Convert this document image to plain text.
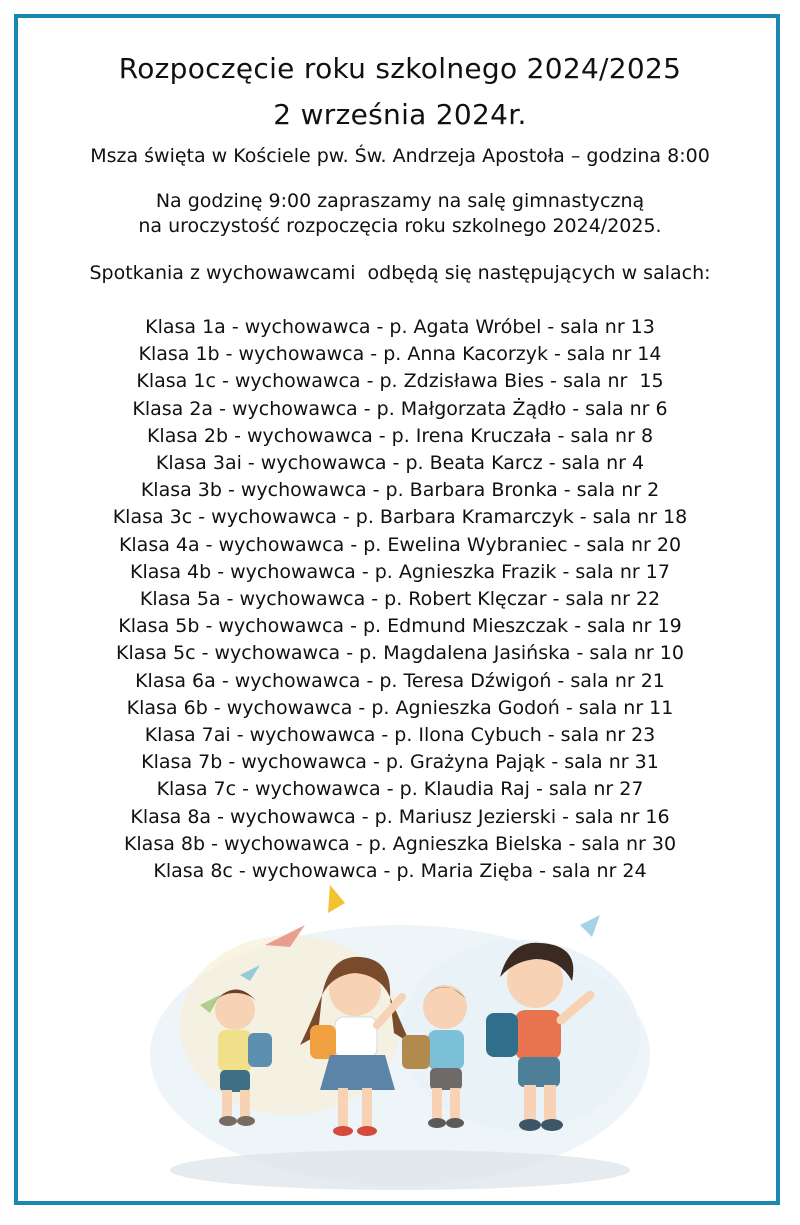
Rozpoczęcie roku szkolnego 2024/2025
2 września 2024r.
Msza święta w Kościele pw. Św. Andrzeja Apostoła – godzina 8:00
Na godzinę 9:00 zapraszamy na salę gimnastyczną
na uroczystość rozpoczęcia roku szkolnego 2024/2025.
Spotkania z wychowawcami  odbędą się następujących w salach:
Klasa 1a - wychowawca - p. Agata Wróbel - sala nr 13
Klasa 1b - wychowawca - p. Anna Kacorzyk - sala nr 14
Klasa 1c - wychowawca - p. Zdzisława Bies - sala nr  15
Klasa 2a - wychowawca - p. Małgorzata Żądło - sala nr 6
Klasa 2b - wychowawca - p. Irena Kruczała - sala nr 8
Klasa 3ai - wychowawca - p. Beata Karcz - sala nr 4
Klasa 3b - wychowawca - p. Barbara Bronka - sala nr 2
Klasa 3c - wychowawca - p. Barbara Kramarczyk - sala nr 18
Klasa 4a - wychowawca - p. Ewelina Wybraniec - sala nr 20
Klasa 4b - wychowawca - p. Agnieszka Frazik - sala nr 17
Klasa 5a - wychowawca - p. Robert Klęczar - sala nr 22
Klasa 5b - wychowawca - p. Edmund Mieszczak - sala nr 19
Klasa 5c - wychowawca - p. Magdalena Jasińska - sala nr 10
Klasa 6a - wychowawca - p. Teresa Dźwigoń - sala nr 21
Klasa 6b - wychowawca - p. Agnieszka Godoń - sala nr 11
Klasa 7ai - wychowawca - p. Ilona Cybuch - sala nr 23
Klasa 7b - wychowawca - p. Grażyna Pająk - sala nr 31
Klasa 7c - wychowawca - p. Klaudia Raj - sala nr 27
Klasa 8a - wychowawca - p. Mariusz Jezierski - sala nr 16
Klasa 8b - wychowawca - p. Agnieszka Bielska - sala nr 30
Klasa 8c - wychowawca - p. Maria Zięba - sala nr 24
